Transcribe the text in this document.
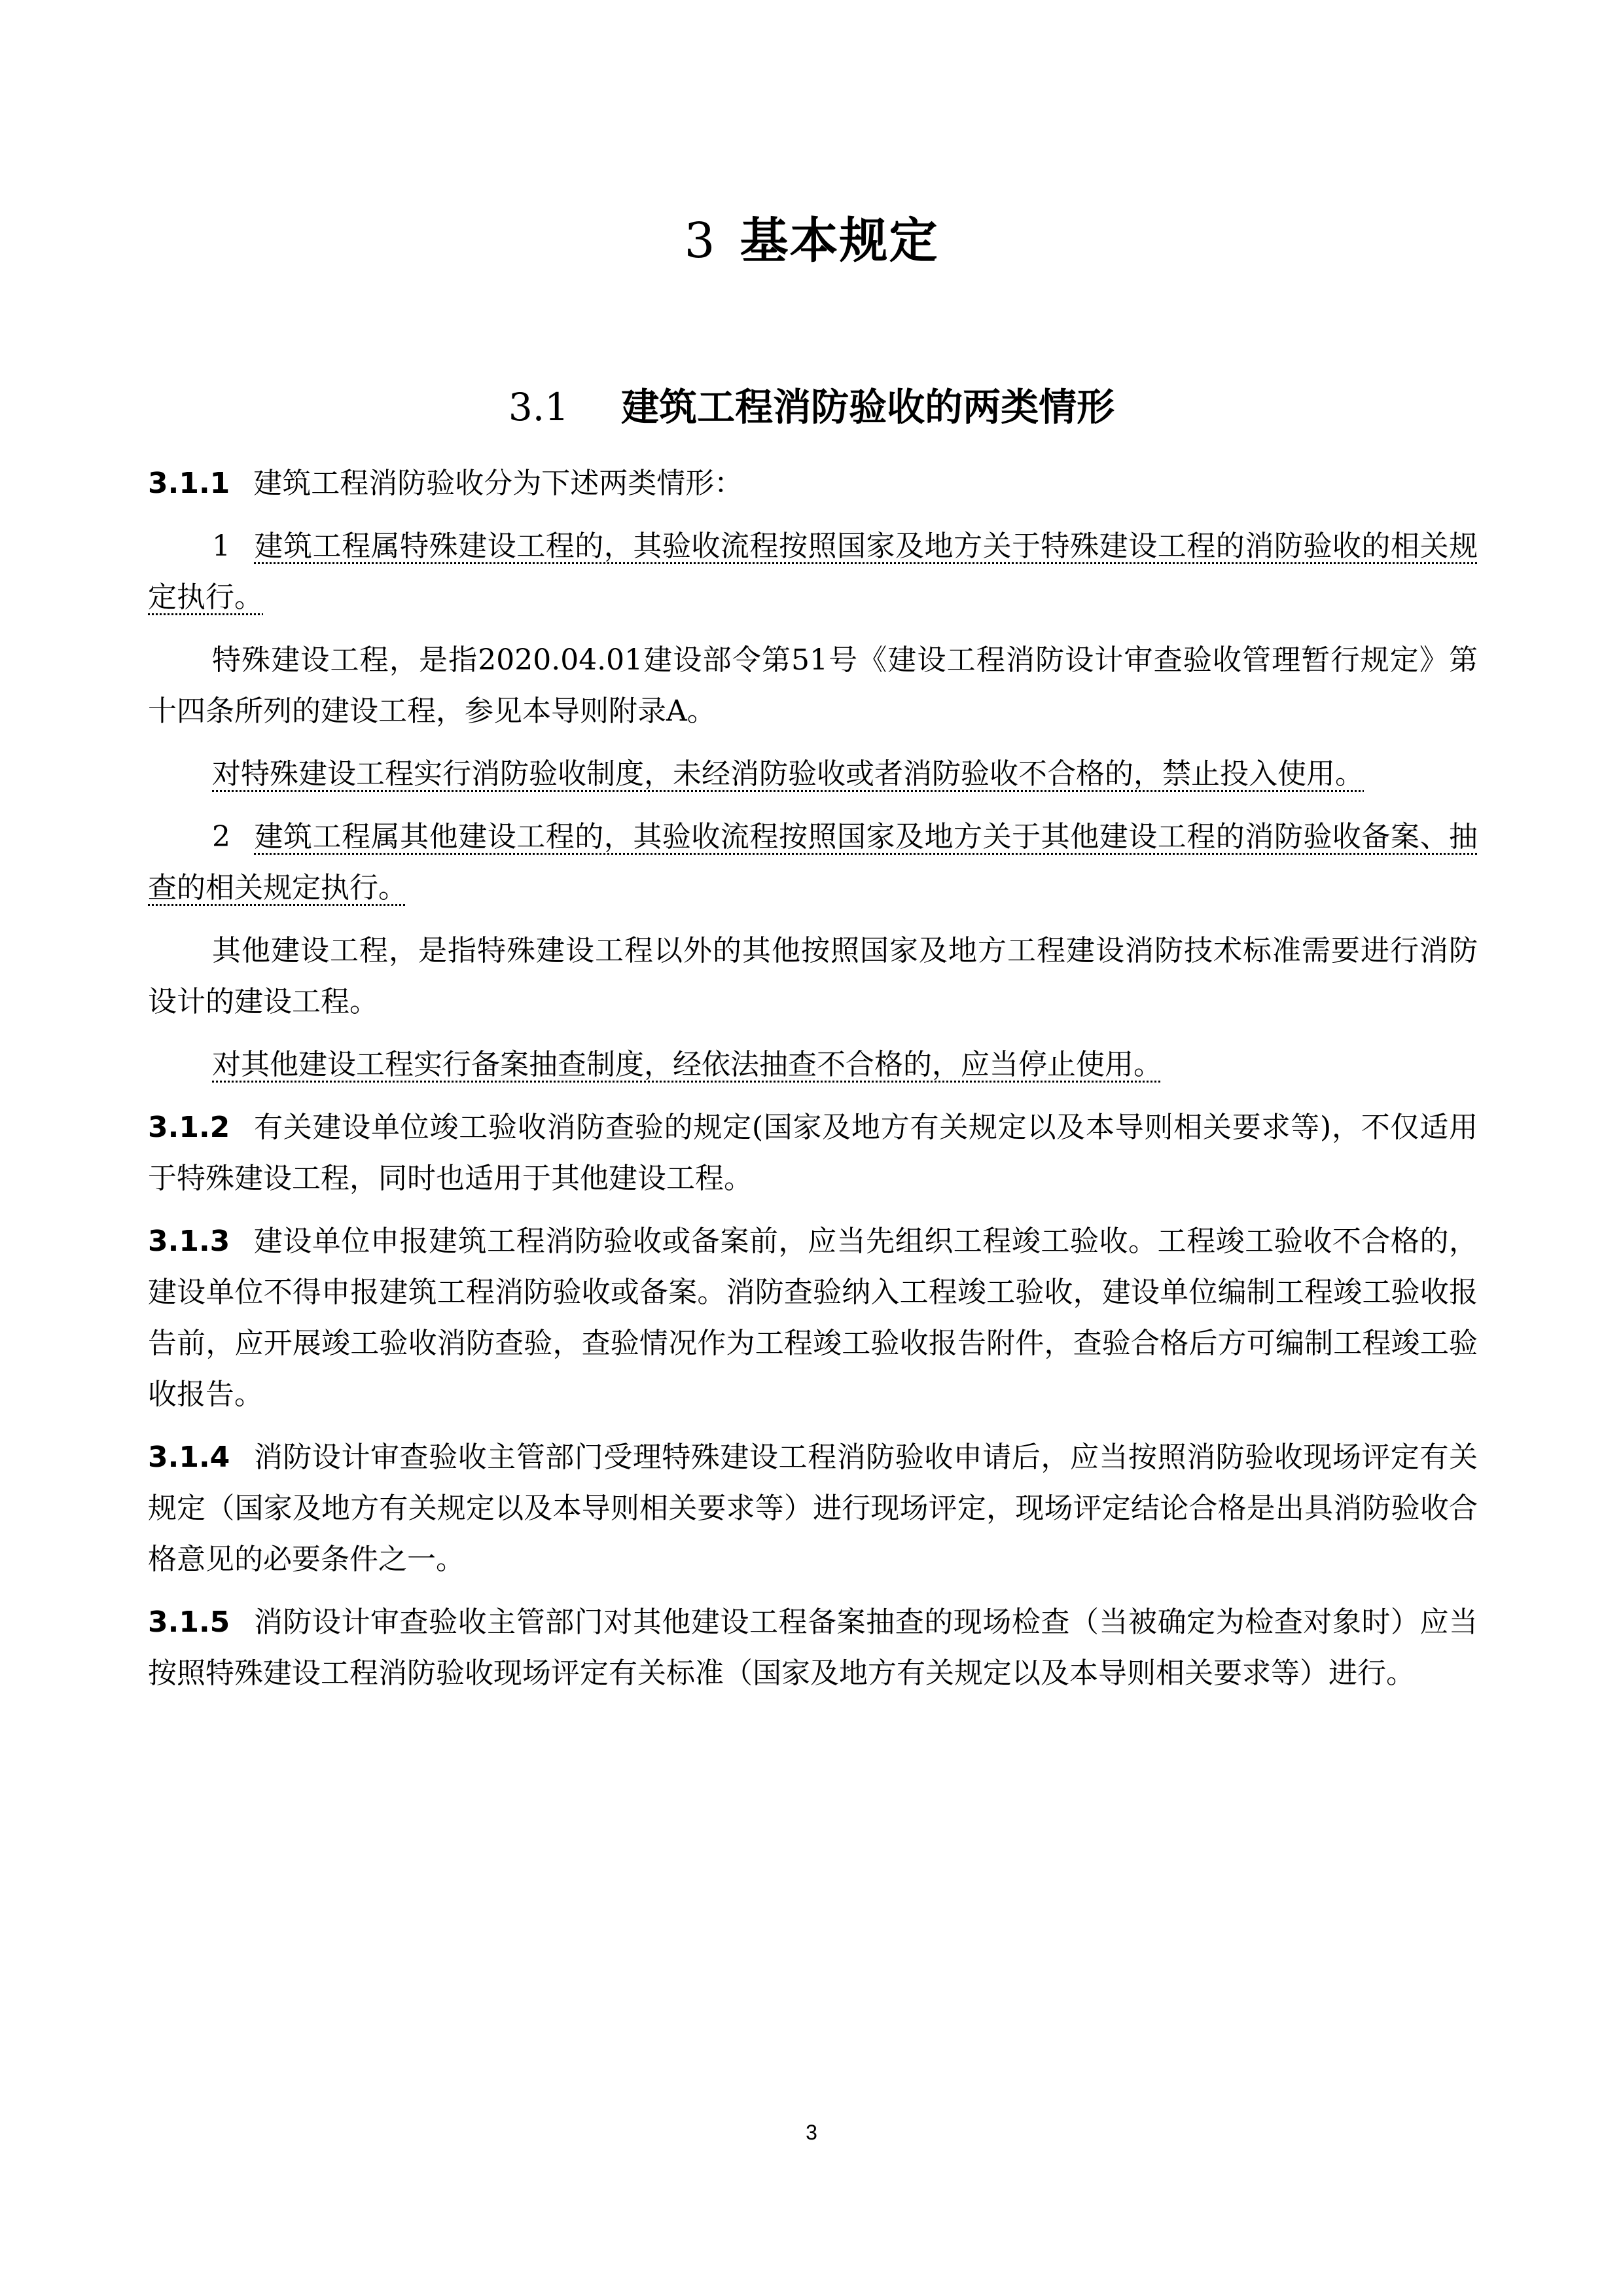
3 基本规定
3.1 建筑工程消防验收的两类情形

3.1.1 建筑工程消防验收分为下述两类情形：

1 建筑工程属特殊建设工程的，其验收流程按照国家及地方关于特殊建设工程的消防验收的相关规定执行。

特殊建设工程，是指2020.04.01建设部令第51号《建设工程消防设计审查验收管理暂行规定》第十四条所列的建设工程，参见本导则附录A。

对特殊建设工程实行消防验收制度，未经消防验收或者消防验收不合格的，禁止投入使用。

2 建筑工程属其他建设工程的，其验收流程按照国家及地方关于其他建设工程的消防验收备案、抽查的相关规定执行。

其他建设工程，是指特殊建设工程以外的其他按照国家及地方工程建设消防技术标准需要进行消防设计的建设工程。

对其他建设工程实行备案抽查制度，经依法抽查不合格的，应当停止使用。

3.1.2 有关建设单位竣工验收消防查验的规定(国家及地方有关规定以及本导则相关要求等)，不仅适用于特殊建设工程，同时也适用于其他建设工程。

3.1.3 建设单位申报建筑工程消防验收或备案前，应当先组织工程竣工验收。工程竣工验收不合格的，建设单位不得申报建筑工程消防验收或备案。消防查验纳入工程竣工验收，建设单位编制工程竣工验收报告前，应开展竣工验收消防查验，查验情况作为工程竣工验收报告附件，查验合格后方可编制工程竣工验收报告。

3.1.4 消防设计审查验收主管部门受理特殊建设工程消防验收申请后，应当按照消防验收现场评定有关规定（国家及地方有关规定以及本导则相关要求等）进行现场评定，现场评定结论合格是出具消防验收合格意见的必要条件之一。

3.1.5 消防设计审查验收主管部门对其他建设工程备案抽查的现场检查（当被确定为检查对象时）应当按照特殊建设工程消防验收现场评定有关标准（国家及地方有关规定以及本导则相关要求等）进行。

3
